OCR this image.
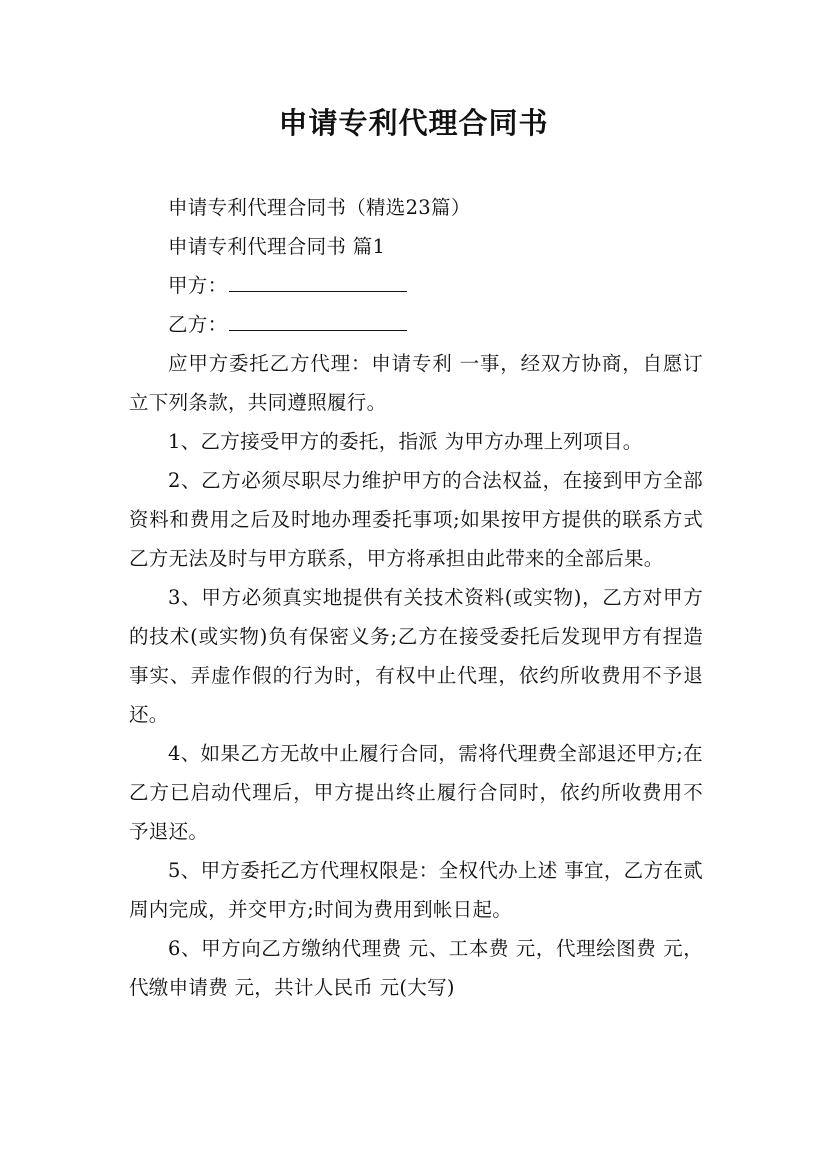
申请专利代理合同书

申请专利代理合同书（精选23篇）

申请专利代理合同书 篇1

甲方：

乙方：

应甲方委托乙方代理：申请专利 一事，经双方协商，自愿订立下列条款，共同遵照履行。

1、乙方接受甲方的委托，指派 为甲方办理上列项目。

2、乙方必须尽职尽力维护甲方的合法权益，在接到甲方全部资料和费用之后及时地办理委托事项;如果按甲方提供的联系方式乙方无法及时与甲方联系，甲方将承担由此带来的全部后果。

3、甲方必须真实地提供有关技术资料(或实物)，乙方对甲方的技术(或实物)负有保密义务;乙方在接受委托后发现甲方有捏造事实、弄虚作假的行为时，有权中止代理，依约所收费用不予退还。

4、如果乙方无故中止履行合同，需将代理费全部退还甲方;在乙方已启动代理后，甲方提出终止履行合同时，依约所收费用不予退还。

5、甲方委托乙方代理权限是：全权代办上述 事宜，乙方在贰周内完成，并交甲方;时间为费用到帐日起。

6、甲方向乙方缴纳代理费 元、工本费 元，代理绘图费 元，代缴申请费 元，共计人民币 元(大写)
